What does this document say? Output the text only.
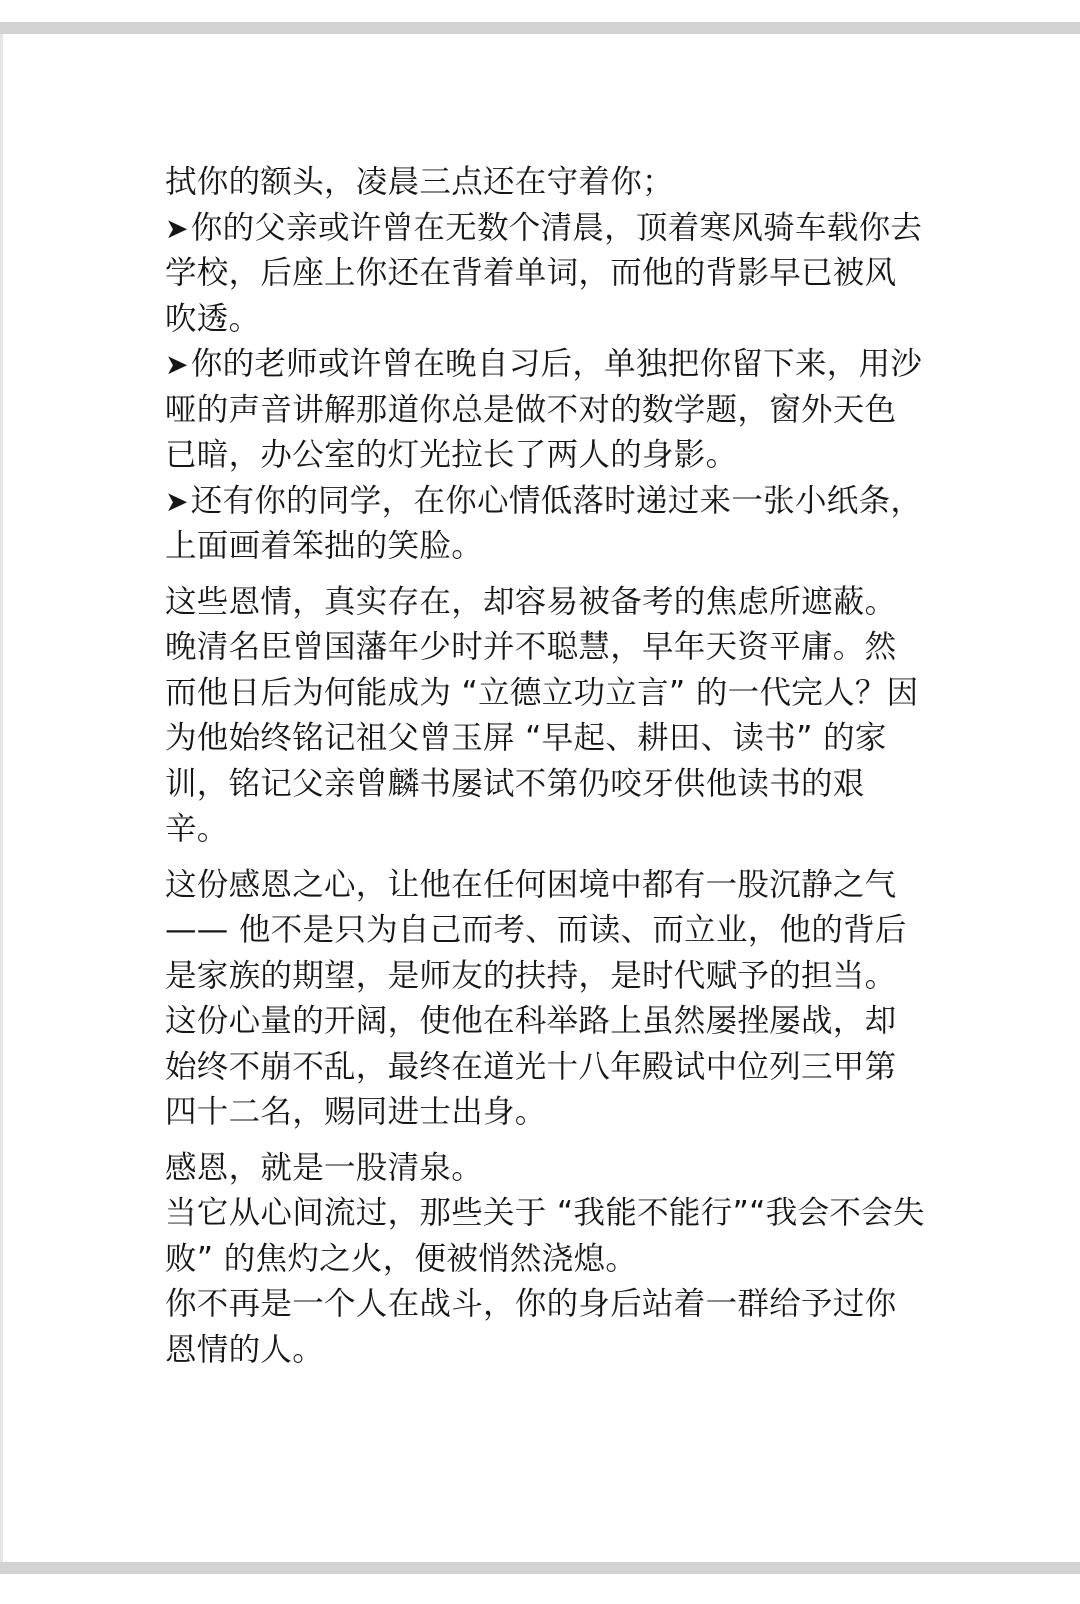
拭你的额头，凌晨三点还在守着你；

➤你的父亲或许曾在无数个清晨，顶着寒风骑车载你去学校，后座上你还在背着单词，而他的背影早已被风吹透。

➤你的老师或许曾在晚自习后，单独把你留下来，用沙哑的声音讲解那道你总是做不对的数学题，窗外天色已暗，办公室的灯光拉长了两人的身影。

➤还有你的同学，在你心情低落时递过来一张小纸条，上面画着笨拙的笑脸。

这些恩情，真实存在，却容易被备考的焦虑所遮蔽。晚清名臣曾国藩年少时并不聪慧，早年天资平庸。然而他日后为何能成为 “立德立功立言” 的一代完人？因为他始终铭记祖父曾玉屏 “早起、耕田、读书” 的家训，铭记父亲曾麟书屡试不第仍咬牙供他读书的艰辛。

这份感恩之心，让他在任何困境中都有一股沉静之气 —— 他不是只为自己而考、而读、而立业，他的背后是家族的期望，是师友的扶持，是时代赋予的担当。这份心量的开阔，使他在科举路上虽然屡挫屡战，却始终不崩不乱，最终在道光十八年殿试中位列三甲第四十二名，赐同进士出身。

感恩，就是一股清泉。

当它从心间流过，那些关于 “我能不能行”“我会不会失败” 的焦灼之火，便被悄然浇熄。

你不再是一个人在战斗，你的身后站着一群给予过你恩情的人。
